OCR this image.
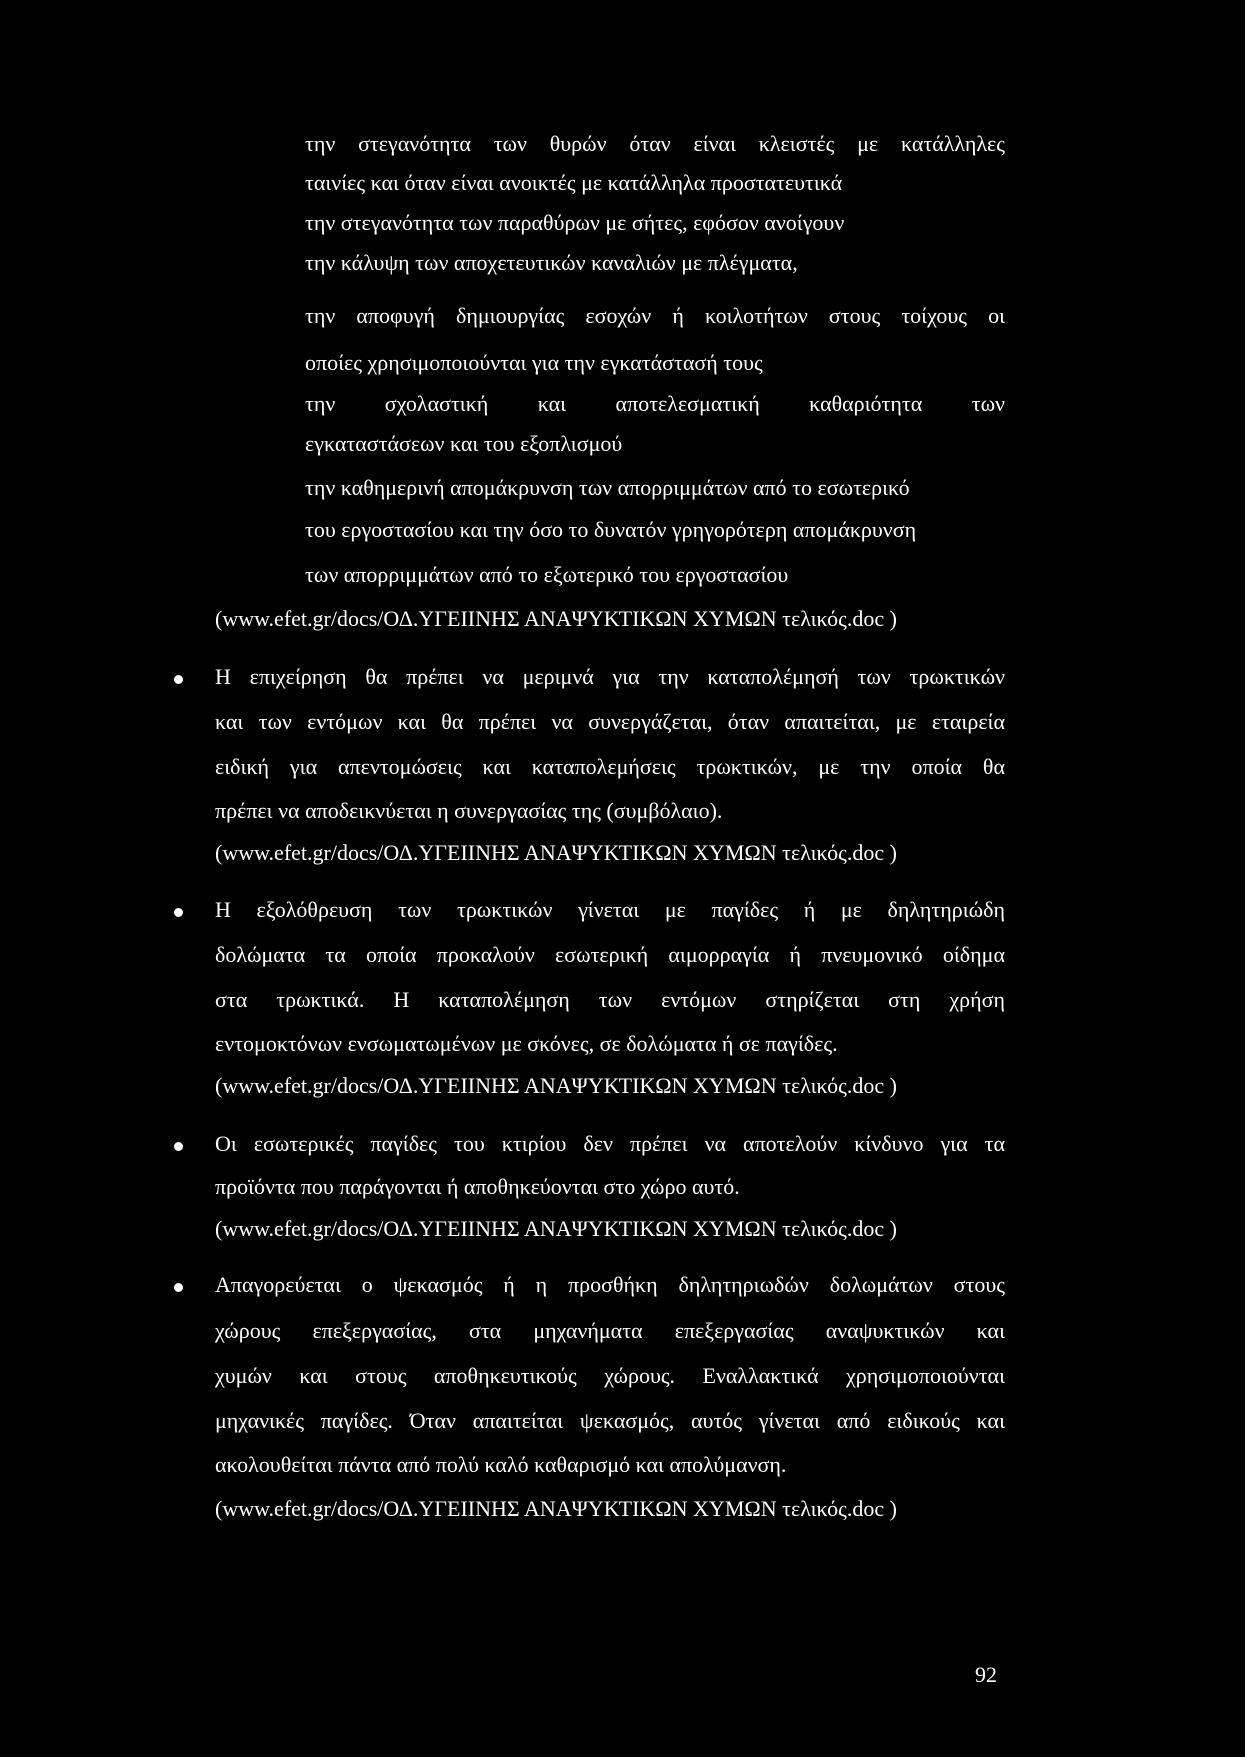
την στεγανότητα των θυρών όταν είναι κλειστές με κατάλληλες
ταινίες και όταν είναι ανοικτές με κατάλληλα προστατευτικά
την στεγανότητα των παραθύρων με σήτες, εφόσον ανοίγουν
την κάλυψη των αποχετευτικών καναλιών με πλέγματα,
την αποφυγή δημιουργίας εσοχών ή κοιλοτήτων στους τοίχους οι
οποίες χρησιμοποιούνται για την εγκατάστασή τους
την σχολαστική και αποτελεσματική καθαριότητα των
εγκαταστάσεων και του εξοπλισμού
την καθημερινή απομάκρυνση των απορριμμάτων από το εσωτερικό
του εργοστασίου και την όσο το δυνατόν γρηγορότερη απομάκρυνση
των απορριμμάτων από το εξωτερικό του εργοστασίου
(www.efet.gr/docs/ΟΔ.ΥΓΕΙΙΝΗΣ ΑΝΑΨΥΚΤΙΚΩΝ ΧΥΜΩΝ τελικός.doc )
Η επιχείρηση θα πρέπει να μεριμνά για την καταπολέμησή των τρωκτικών
και των εντόμων και θα πρέπει να συνεργάζεται, όταν απαιτείται, με εταιρεία
ειδική για απεντομώσεις και καταπολεμήσεις τρωκτικών, με την οποία θα
πρέπει να αποδεικνύεται η συνεργασίας της (συμβόλαιο).
(www.efet.gr/docs/ΟΔ.ΥΓΕΙΙΝΗΣ ΑΝΑΨΥΚΤΙΚΩΝ ΧΥΜΩΝ τελικός.doc )
Η εξολόθρευση των τρωκτικών γίνεται με παγίδες ή με δηλητηριώδη
δολώματα τα οποία προκαλούν εσωτερική αιμορραγία ή πνευμονικό οίδημα
στα τρωκτικά. Η καταπολέμηση των εντόμων στηρίζεται στη χρήση
εντομοκτόνων ενσωματωμένων με σκόνες, σε δολώματα ή σε παγίδες.
(www.efet.gr/docs/ΟΔ.ΥΓΕΙΙΝΗΣ ΑΝΑΨΥΚΤΙΚΩΝ ΧΥΜΩΝ τελικός.doc )
Οι εσωτερικές παγίδες του κτιρίου δεν πρέπει να αποτελούν κίνδυνο για τα
προϊόντα που παράγονται ή αποθηκεύονται στο χώρο αυτό.
(www.efet.gr/docs/ΟΔ.ΥΓΕΙΙΝΗΣ ΑΝΑΨΥΚΤΙΚΩΝ ΧΥΜΩΝ τελικός.doc )
Απαγορεύεται ο ψεκασμός ή η προσθήκη δηλητηριωδών δολωμάτων στους
χώρους επεξεργασίας, στα μηχανήματα επεξεργασίας αναψυκτικών και
χυμών και στους αποθηκευτικούς χώρους. Εναλλακτικά χρησιμοποιούνται
μηχανικές παγίδες. Όταν απαιτείται ψεκασμός, αυτός γίνεται από ειδικούς και
ακολουθείται πάντα από πολύ καλό καθαρισμό και απολύμανση.
(www.efet.gr/docs/ΟΔ.ΥΓΕΙΙΝΗΣ ΑΝΑΨΥΚΤΙΚΩΝ ΧΥΜΩΝ τελικός.doc )
92
